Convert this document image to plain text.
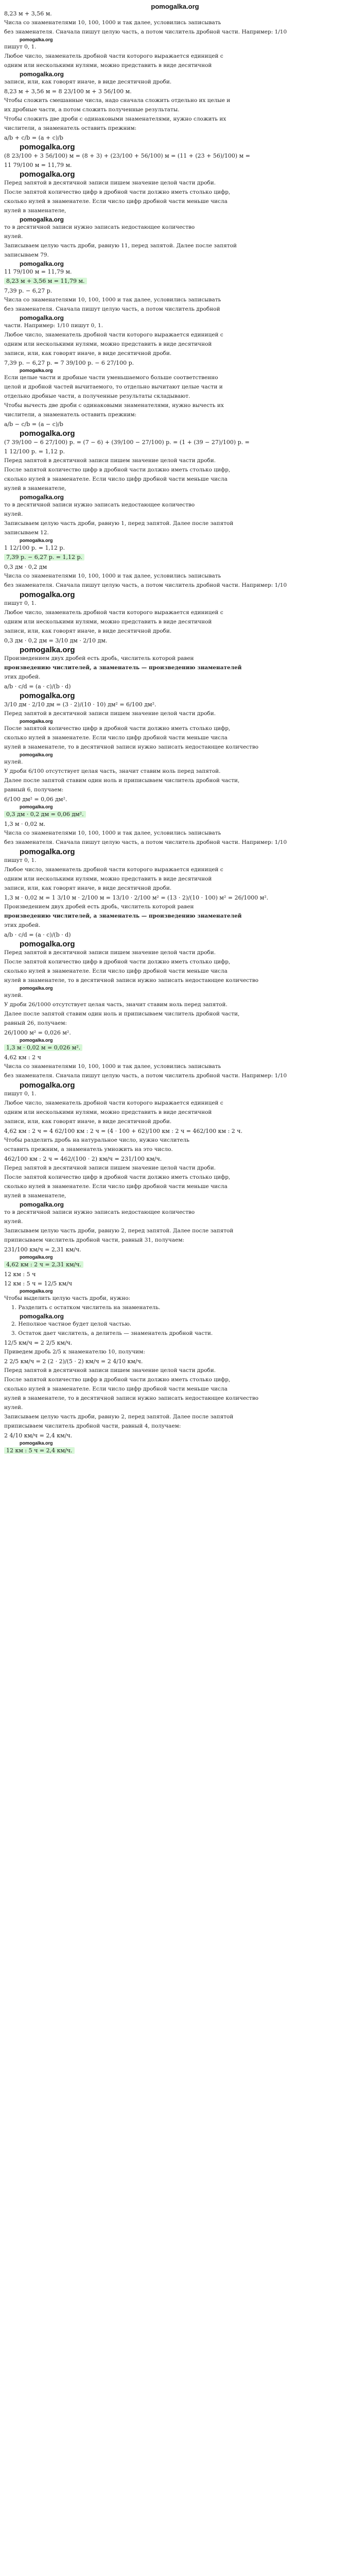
pomogalka.org
8,23 м + 3,56 м.
Числа со знаменателями 10, 100, 1000 и так далее, условились записывать
без знаменателя. Сначала пишут целую часть, а потом числитель дробной части. Например: 1/10
pomogalka.org
пишут 0, 1.
Любое число, знаменатель дробной части которого выражается единицей с
одним или несколькими нулями, можно представить в виде десятичной
pomogalka.org
записи, или, как говорят иначе, в виде десятичной дроби.
8,23 м + 3,56 м = 8 23/100 м + 3 56/100 м.
Чтобы сложить смешанные числа, надо сначала сложить отдельно их целые и
их дробные части, а потом сложить полученные результаты.
Чтобы сложить две дроби с одинаковыми знаменателями, нужно сложить их
числители, а знаменатель оставить прежним:
a/b + c/b = (a + c)/b
pomogalka.org
(8 23/100 + 3 56/100) м = (8 + 3) + (23/100 + 56/100) м = (11 + (23 + 56)/100) м =
11 79/100 м = 11,79 м.
pomogalka.org
Перед запятой в десятичной записи пишем значение целой части дроби.
После запятой количество цифр в дробной части должно иметь столько цифр,
сколько нулей в знаменателе. Если число цифр дробной части меньше числа
нулей в знаменателе,
pomogalka.org
то в десятичной записи нужно записать недостающее количество
нулей.
Записываем целую часть дроби, равную 11, перед запятой. Далее после запятой
записываем 79.
pomogalka.org
11 79/100 м = 11,79 м.
8,23 м + 3,56 м = 11,79 м.
7,39 р. − 6,27 р.
Числа со знаменателями 10, 100, 1000 и так далее, условились записывать
без знаменателя. Сначала пишут целую часть, а потом числитель дробной
pomogalka.org
части. Например: 1/10 пишут 0, 1.
Любое число, знаменатель дробной части которого выражается единицей с
одним или несколькими нулями, можно представить в виде десятичной
записи, или, как говорят иначе, в виде десятичной дроби.
7,39 р. − 6,27 р. = 7 39/100 р. − 6 27/100 р.
pomogalka.org
Если целые части и дробные части уменьшаемого больше соответственно
целой и дробной частей вычитаемого, то отдельно вычитают целые части и
отдельно дробные части, а полученные результаты складывают.
Чтобы вычесть две дроби с одинаковыми знаменателями, нужно вычесть их
числители, а знаменатель оставить прежним:
a/b − c/b = (a − c)/b
pomogalka.org
(7 39/100 − 6 27/100) р. = (7 − 6) + (39/100 − 27/100) р. = (1 + (39 − 27)/100) р. =
1 12/100 р. = 1,12 р.
Перед запятой в десятичной записи пишем значение целой части дроби.
После запятой количество цифр в дробной части должно иметь столько цифр,
сколько нулей в знаменателе. Если число цифр дробной части меньше числа
нулей в знаменателе,
pomogalka.org
то в десятичной записи нужно записать недостающее количество
нулей.
Записываем целую часть дроби, равную 1, перед запятой. Далее после запятой
записываем 12.
pomogalka.org
1 12/100 р. = 1,12 р.
7,39 р. − 6,27 р. = 1,12 р.
0,3 дм · 0,2 дм
Числа со знаменателями 10, 100, 1000 и так далее, условились записывать
без знаменателя. Сначала пишут целую часть, а потом числитель дробной части. Например: 1/10
pomogalka.org
пишут 0, 1.
Любое число, знаменатель дробной части которого выражается единицей с
одним или несколькими нулями, можно представить в виде десятичной
записи, или, как говорят иначе, в виде десятичной дроби.
0,3 дм · 0,2 дм = 3/10 дм · 2/10 дм.
pomogalka.org
Произведением двух дробей есть дробь, числитель которой равен
произведению числителей, а знаменатель — произведению знаменателей
этих дробей.
a/b · c/d = (a · c)/(b · d)
pomogalka.org
3/10 дм · 2/10 дм = (3 · 2)/(10 · 10) дм² = 6/100 дм².
Перед запятой в десятичной записи пишем значение целой части дроби.
pomogalka.org
После запятой количество цифр в дробной части должно иметь столько цифр,
сколько нулей в знаменателе. Если число цифр дробной части меньше числа
нулей в знаменателе, то в десятичной записи нужно записать недостающее количество
pomogalka.org
нулей.
У дроби 6/100 отсутствует целая часть, значит ставим ноль перед запятой.
Далее после запятой ставим один ноль и приписываем числитель дробной части,
равный 6, получаем:
6/100 дм² = 0,06 дм².
pomogalka.org
0,3 дм · 0,2 дм = 0,06 дм².
1,3 м · 0,02 м.
Числа со знаменателями 10, 100, 1000 и так далее, условились записывать
без знаменателя. Сначала пишут целую часть, а потом числитель дробной части. Например: 1/10
pomogalka.org
пишут 0, 1.
Любое число, знаменатель дробной части которого выражается единицей с
одним или несколькими нулями, можно представить в виде десятичной
записи, или, как говорят иначе, в виде десятичной дроби.
1,3 м · 0,02 м = 1 3/10 м · 2/100 м = 13/10 · 2/100 м² = (13 · 2)/(10 · 100) м² = 26/1000 м².
Произведением двух дробей есть дробь, числитель которой равен
произведению числителей, а знаменатель — произведению знаменателей
этих дробей.
a/b · c/d = (a · c)/(b · d)
pomogalka.org
Перед запятой в десятичной записи пишем значение целой части дроби.
После запятой количество цифр в дробной части должно иметь столько цифр,
сколько нулей в знаменателе. Если число цифр дробной части меньше числа
нулей в знаменателе, то в десятичной записи нужно записать недостающее количество
pomogalka.org
нулей.
У дроби 26/1000 отсутствует целая часть, значит ставим ноль перед запятой.
Далее после запятой ставим один ноль и приписываем числитель дробной части,
равный 26, получаем:
26/1000 м² = 0,026 м².
pomogalka.org
1,3 м · 0,02 м = 0,026 м².
4,62 км : 2 ч
Числа со знаменателями 10, 100, 1000 и так далее, условились записывать
без знаменателя. Сначала пишут целую часть, а потом числитель дробной части. Например: 1/10
pomogalka.org
пишут 0, 1.
Любое число, знаменатель дробной части которого выражается единицей с
одним или несколькими нулями, можно представить в виде десятичной
записи, или, как говорят иначе, в виде десятичной дроби.
4,62 км : 2 ч = 4 62/100 км : 2 ч = (4 · 100 + 62)/100 км : 2 ч = 462/100 км : 2 ч.
Чтобы разделить дробь на натуральное число, нужно числитель
оставить прежним, а знаменатель умножить на это число.
462/100 км : 2 ч = 462/(100 · 2) км/ч = 231/100 км/ч.
Перед запятой в десятичной записи пишем значение целой части дроби.
После запятой количество цифр в дробной части должно иметь столько цифр,
сколько нулей в знаменателе. Если число цифр дробной части меньше числа
нулей в знаменателе,
pomogalka.org
то в десятичной записи нужно записать недостающее количество
нулей.
Записываем целую часть дроби, равную 2, перед запятой. Далее после запятой
приписываем числитель дробной части, равный 31, получаем:
231/100 км/ч = 2,31 км/ч.
pomogalka.org
4,62 км : 2 ч = 2,31 км/ч.
12 км : 5 ч
12 км : 5 ч = 12/5 км/ч
pomogalka.org
Чтобы выделить целую часть дроби, нужно:
1. Разделить с остатком числитель на знаменатель.
pomogalka.org
2. Неполное частное будет целой частью.
3. Остаток дает числитель, а делитель — знаменатель дробной части.
12/5 км/ч = 2 2/5 км/ч.
Приведем дробь 2/5 к знаменателю 10, получим:
2 2/5 км/ч = 2 (2 · 2)/(5 · 2) км/ч = 2 4/10 км/ч.
Перед запятой в десятичной записи пишем значение целой части дроби.
После запятой количество цифр в дробной части должно иметь столько цифр,
сколько нулей в знаменателе. Если число цифр дробной части меньше числа
нулей в знаменателе, то в десятичной записи нужно записать недостающее количество
нулей.
Записываем целую часть дроби, равную 2, перед запятой. Далее после запятой
приписываем числитель дробной части, равный 4, получаем:
2 4/10 км/ч = 2,4 км/ч.
pomogalka.org
12 км : 5 ч = 2,4 км/ч.
